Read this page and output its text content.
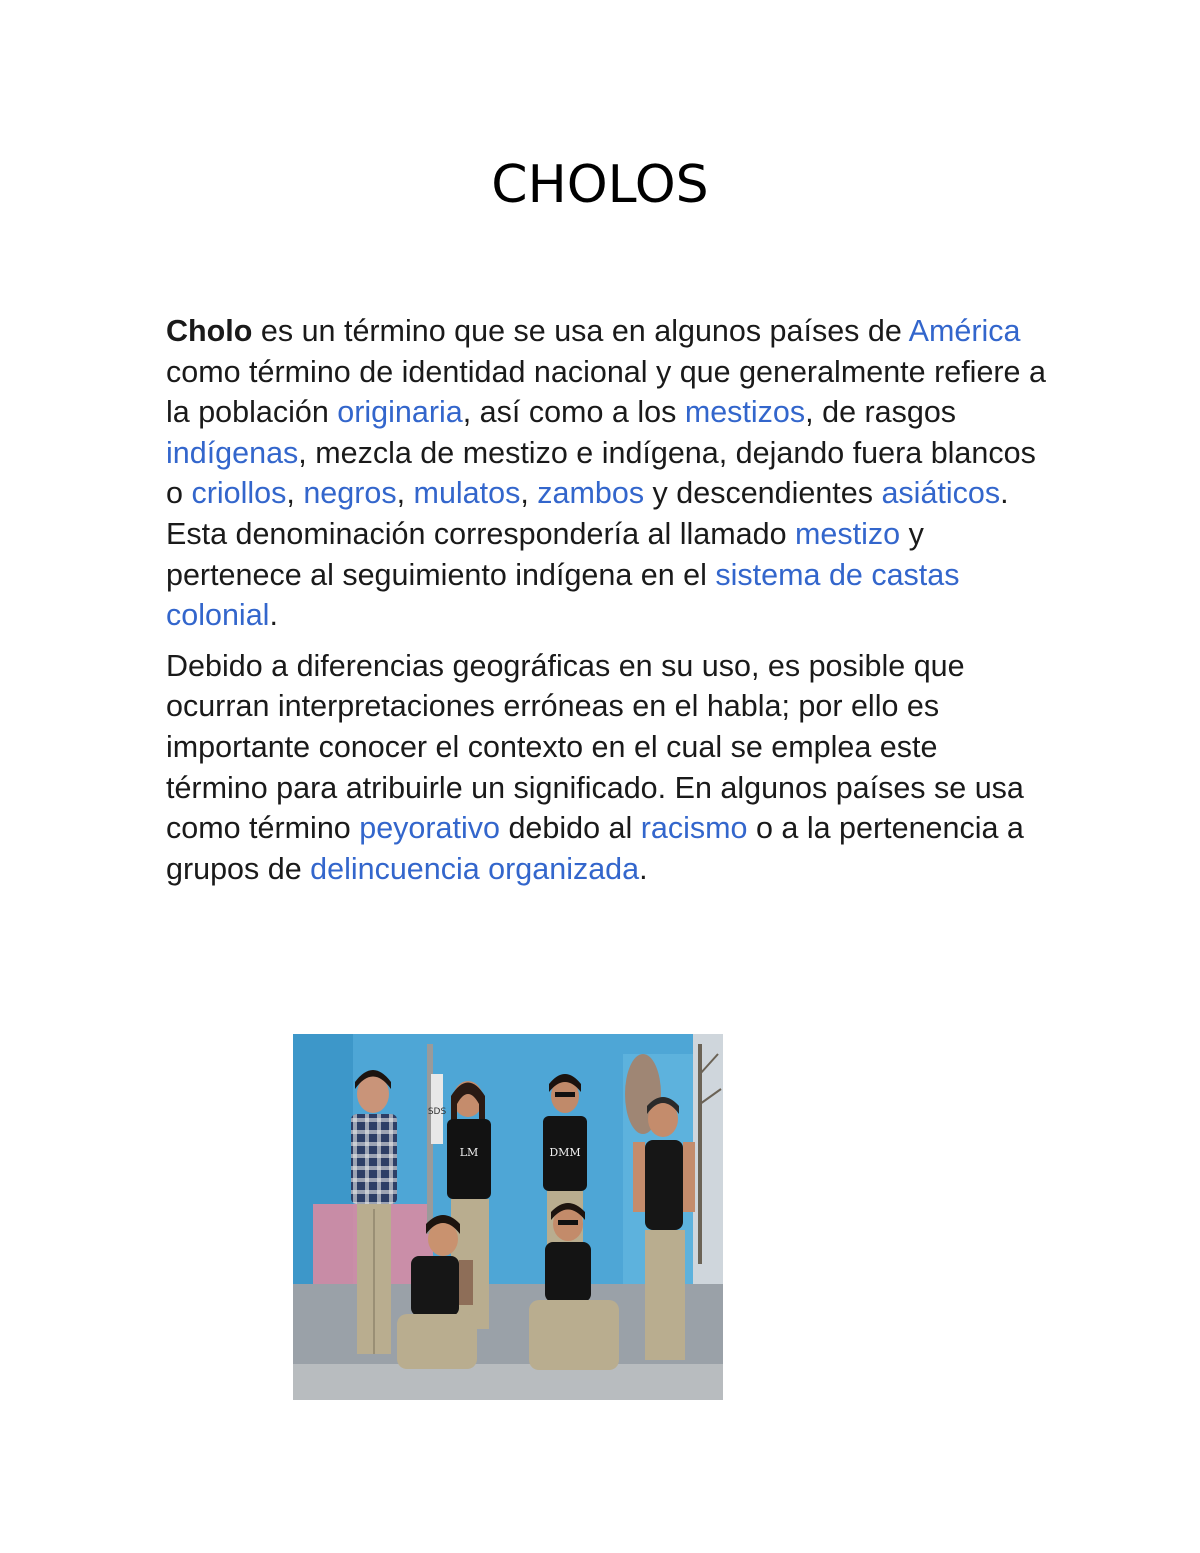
CHOLOS

Cholo es un término que se usa en algunos países de América como término de identidad nacional y que generalmente refiere a la población originaria, así como a los mestizos, de rasgos indígenas, mezcla de mestizo e indígena, dejando fuera blancos o criollos, negros, mulatos, zambos y descendientes asiáticos. Esta denominación correspondería al llamado mestizo y pertenece al seguimiento indígena en el sistema de castas colonial.

Debido a diferencias geográficas en su uso, es posible que ocurran interpretaciones erróneas en el habla; por ello es importante conocer el contexto en el cual se emplea este término para atribuirle un significado. En algunos países se usa como término peyorativo debido al racismo o a la pertenencia a grupos de delincuencia organizada.

SDS
LM	DMM
